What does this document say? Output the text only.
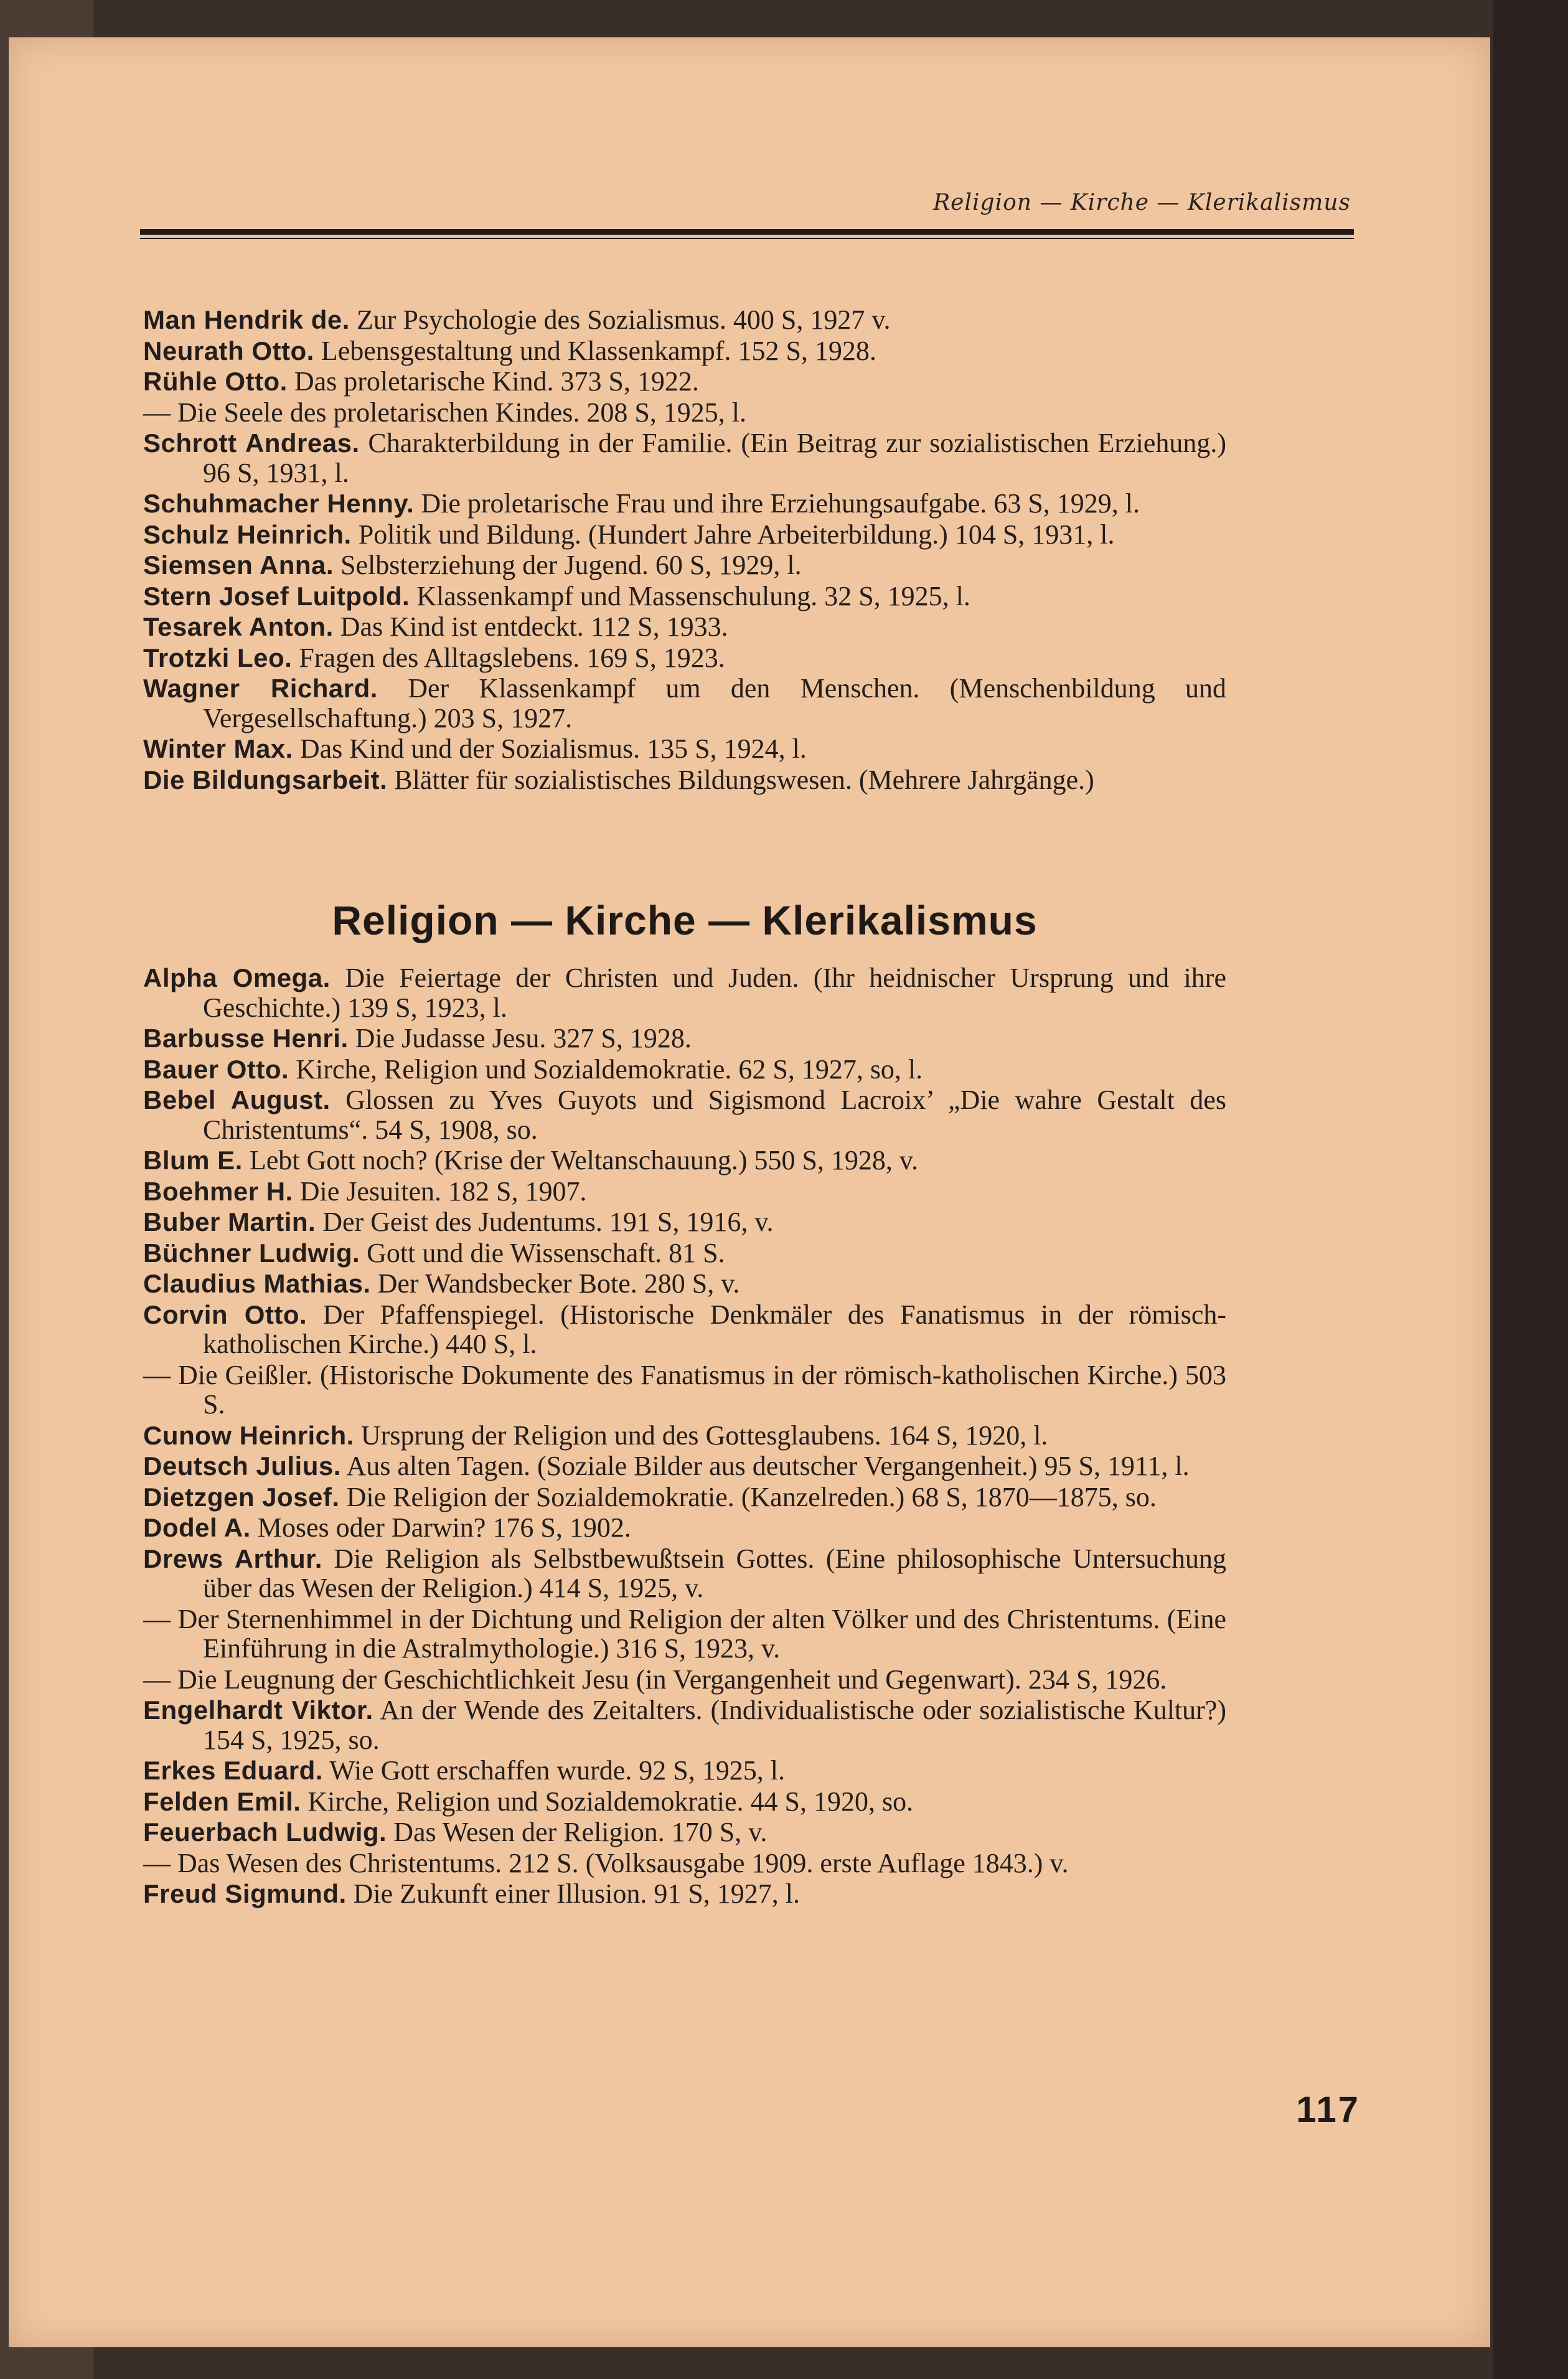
Religion — Kirche — Klerikalismus
Man Hendrik de. Zur Psychologie des Sozialismus. 400 S, 1927 v.
Neurath Otto. Lebensgestaltung und Klassenkampf. 152 S, 1928.
Rühle Otto. Das proletarische Kind. 373 S, 1922.
— Die Seele des proletarischen Kindes. 208 S, 1925, l.
Schrott Andreas. Charakterbildung in der Familie. (Ein Beitrag zur sozialistischen Erziehung.) 96 S, 1931, l.
Schuhmacher Henny. Die proletarische Frau und ihre Erziehungsaufgabe. 63 S, 1929, l.
Schulz Heinrich. Politik und Bildung. (Hundert Jahre Arbeiterbildung.) 104 S, 1931, l.
Siemsen Anna. Selbsterziehung der Jugend. 60 S, 1929, l.
Stern Josef Luitpold. Klassenkampf und Massenschulung. 32 S, 1925, l.
Tesarek Anton. Das Kind ist entdeckt. 112 S, 1933.
Trotzki Leo. Fragen des Alltagslebens. 169 S, 1923.
Wagner Richard. Der Klassenkampf um den Menschen. (Menschenbildung und Vergesellschaftung.) 203 S, 1927.
Winter Max. Das Kind und der Sozialismus. 135 S, 1924, l.
Die Bildungsarbeit. Blätter für sozialistisches Bildungswesen. (Mehrere Jahrgänge.)
Religion — Kirche — Klerikalismus
Alpha Omega. Die Feiertage der Christen und Juden. (Ihr heidnischer Ursprung und ihre Geschichte.) 139 S, 1923, l.
Barbusse Henri. Die Judasse Jesu. 327 S, 1928.
Bauer Otto. Kirche, Religion und Sozialdemokratie. 62 S, 1927, so, l.
Bebel August. Glossen zu Yves Guyots und Sigismond Lacroix’ „Die wahre Gestalt des Christentums“. 54 S, 1908, so.
Blum E. Lebt Gott noch? (Krise der Weltanschauung.) 550 S, 1928, v.
Boehmer H. Die Jesuiten. 182 S, 1907.
Buber Martin. Der Geist des Judentums. 191 S, 1916, v.
Büchner Ludwig. Gott und die Wissenschaft. 81 S.
Claudius Mathias. Der Wandsbecker Bote. 280 S, v.
Corvin Otto. Der Pfaffenspiegel. (Historische Denkmäler des Fanatismus in der römisch-katholischen Kirche.) 440 S, l.
— Die Geißler. (Historische Dokumente des Fanatismus in der römisch-katholischen Kirche.) 503 S.
Cunow Heinrich. Ursprung der Religion und des Gottesglaubens. 164 S, 1920, l.
Deutsch Julius. Aus alten Tagen. (Soziale Bilder aus deutscher Vergangenheit.) 95 S, 1911, l.
Dietzgen Josef. Die Religion der Sozialdemokratie. (Kanzelreden.) 68 S, 1870—1875, so.
Dodel A. Moses oder Darwin? 176 S, 1902.
Drews Arthur. Die Religion als Selbstbewußtsein Gottes. (Eine philosophische Untersuchung über das Wesen der Religion.) 414 S, 1925, v.
— Der Sternenhimmel in der Dichtung und Religion der alten Völker und des Christentums. (Eine Einführung in die Astralmythologie.) 316 S, 1923, v.
— Die Leugnung der Geschichtlichkeit Jesu (in Vergangenheit und Gegenwart). 234 S, 1926.
Engelhardt Viktor. An der Wende des Zeitalters. (Individualistische oder sozialistische Kultur?) 154 S, 1925, so.
Erkes Eduard. Wie Gott erschaffen wurde. 92 S, 1925, l.
Felden Emil. Kirche, Religion und Sozialdemokratie. 44 S, 1920, so.
Feuerbach Ludwig. Das Wesen der Religion. 170 S, v.
— Das Wesen des Christentums. 212 S. (Volksausgabe 1909. erste Auflage 1843.) v.
Freud Sigmund. Die Zukunft einer Illusion. 91 S, 1927, l.
117
